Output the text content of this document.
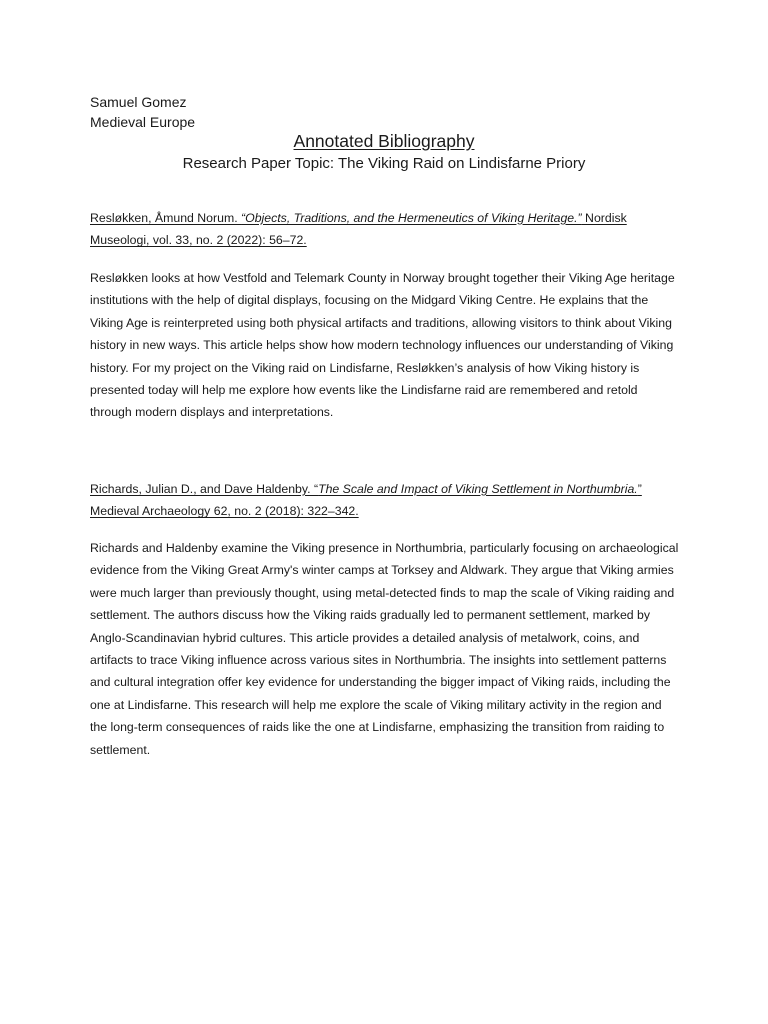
Samuel Gomez
Medieval Europe
Annotated Bibliography
Research Paper Topic: The Viking Raid on Lindisfarne Priory
Resløkken, Åmund Norum. “Objects, Traditions, and the Hermeneutics of Viking Heritage.” Nordisk
Museologi, vol. 33, no. 2 (2022): 56–72.
Resløkken looks at how Vestfold and Telemark County in Norway brought together their Viking Age heritage institutions with the help of digital displays, focusing on the Midgard Viking Centre. He explains that the Viking Age is reinterpreted using both physical artifacts and traditions, allowing visitors to think about Viking history in new ways. This article helps show how modern technology influences our understanding of Viking history. For my project on the Viking raid on Lindisfarne, Resløkken’s analysis of how Viking history is presented today will help me explore how events like the Lindisfarne raid are remembered and retold through modern displays and interpretations.
Richards, Julian D., and Dave Haldenby. “The Scale and Impact of Viking Settlement in Northumbria.”
Medieval Archaeology 62, no. 2 (2018): 322–342.
Richards and Haldenby examine the Viking presence in Northumbria, particularly focusing on archaeological evidence from the Viking Great Army's winter camps at Torksey and Aldwark. They argue that Viking armies were much larger than previously thought, using metal-detected finds to map the scale of Viking raiding and settlement. The authors discuss how the Viking raids gradually led to permanent settlement, marked by Anglo-Scandinavian hybrid cultures. This article provides a detailed analysis of metalwork, coins, and artifacts to trace Viking influence across various sites in Northumbria. The insights into settlement patterns and cultural integration offer key evidence for understanding the bigger impact of Viking raids, including the one at Lindisfarne. This research will help me explore the scale of Viking military activity in the region and the long-term consequences of raids like the one at Lindisfarne, emphasizing the transition from raiding to settlement.
